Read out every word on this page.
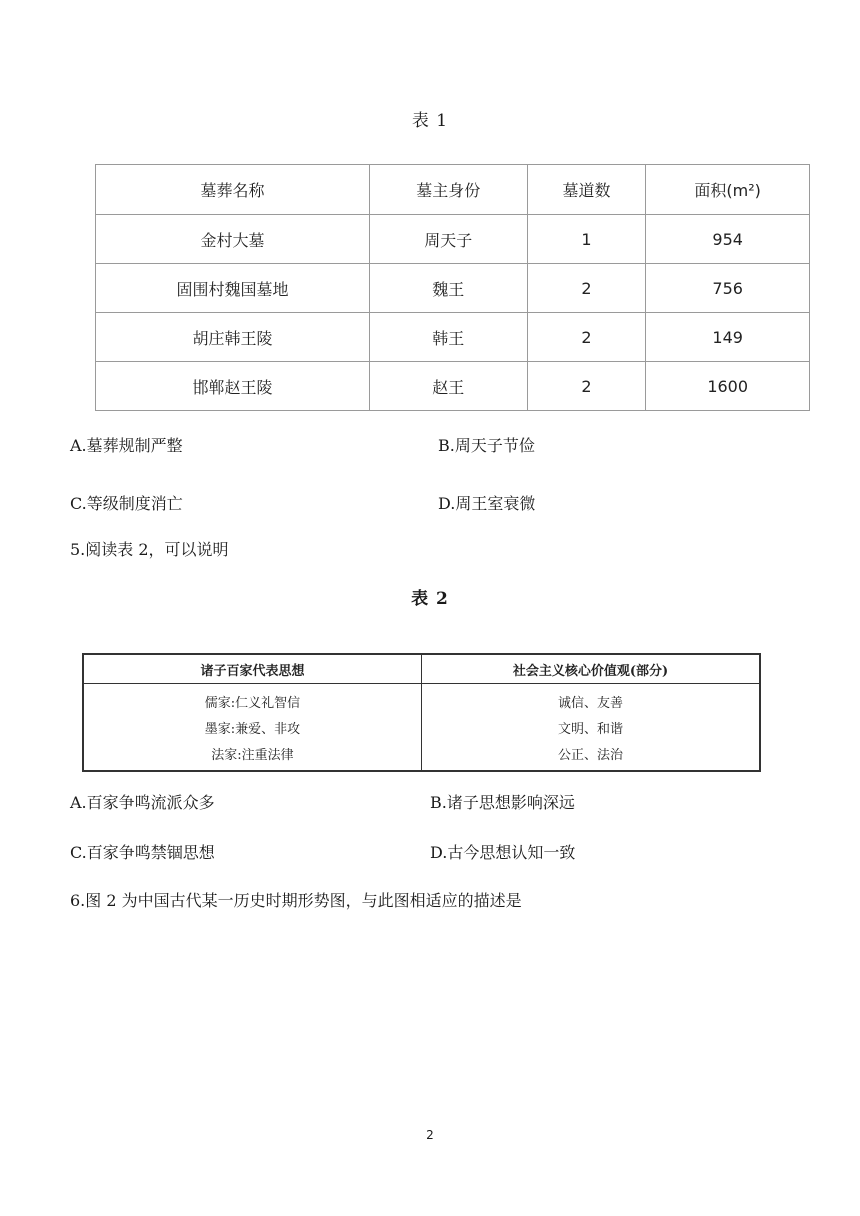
表 1
墓葬名称	墓主身份	墓道数	面积(m²)
金村大墓	周天子	1	954
固围村魏国墓地	魏王	2	756
胡庄韩王陵	韩王	2	149
邯郸赵王陵	赵王	2	1600
A.墓葬规制严整	B.周天子节俭
C.等级制度消亡	D.周王室衰微
5.阅读表 2，可以说明
表 2
诸子百家代表思想	社会主义核心价值观(部分)
儒家:仁义礼智信	诚信、友善
墨家:兼爱、非攻	文明、和谐
法家:注重法律	公正、法治
A.百家争鸣流派众多	B.诸子思想影响深远
C.百家争鸣禁锢思想	D.古今思想认知一致
6.图 2 为中国古代某一历史时期形势图，与此图相适应的描述是
2
